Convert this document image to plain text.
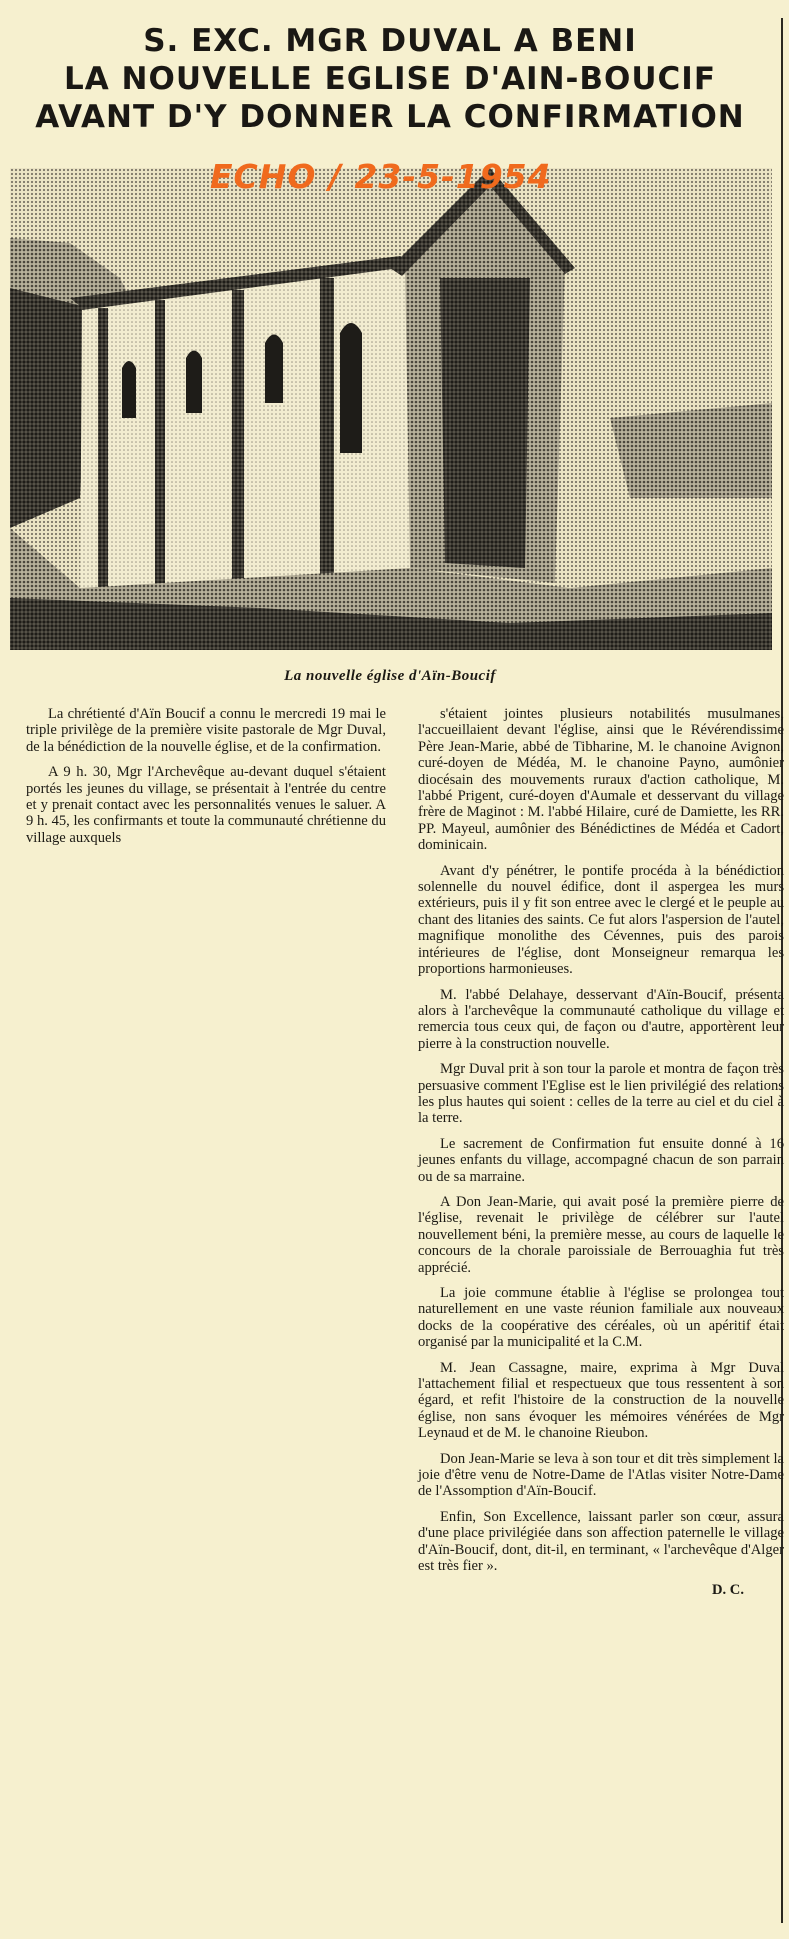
S. EXC. MGR DUVAL A BENI
LA NOUVELLE EGLISE D'AIN-BOUCIF
AVANT D'Y DONNER LA CONFIRMATION
ECHO / 23-5-1954
La nouvelle église d'Aïn-Boucif

La chrétienté d'Aïn Boucif a connu le mercredi 19 mai le triple privilège de la première visite pastorale de Mgr Duval, de la bénédiction de la nouvelle église, et de la confirmation.

A 9 h. 30, Mgr l'Archevêque au-devant duquel s'étaient portés les jeunes du village, se présentait à l'entrée du centre et y prenait contact avec les personnalités venues le saluer. A 9 h. 45, les confirmants et toute la communauté chrétienne du village auxquels

s'étaient jointes plusieurs notabilités musulmanes, l'accueillaient devant l'église, ainsi que le Révérendissime Père Jean-Marie, abbé de Tibharine, M. le chanoine Avignon, curé-doyen de Médéa, M. le chanoine Payno, aumônier diocésain des mouvements ruraux d'action catholique, M. l'abbé Prigent, curé-doyen d'Aumale et desservant du village frère de Maginot : M. l'abbé Hilaire, curé de Damiette, les RR. PP. Mayeul, aumônier des Bénédictines de Médéa et Cadort, dominicain.

Avant d'y pénétrer, le pontife procéda à la bénédiction solennelle du nouvel édifice, dont il aspergea les murs extérieurs, puis il y fit son entree avec le clergé et le peuple au chant des litanies des saints. Ce fut alors l'aspersion de l'autel, magnifique monolithe des Cévennes, puis des parois intérieures de l'église, dont Monseigneur remarqua les proportions harmonieuses.

M. l'abbé Delahaye, desservant d'Aïn-Boucif, présenta alors à l'archevêque la communauté catholique du village et remercia tous ceux qui, de façon ou d'autre, apportèrent leur pierre à la construction nouvelle.

Mgr Duval prit à son tour la parole et montra de façon très persuasive comment l'Eglise est le lien privilégié des relations les plus hautes qui soient : celles de la terre au ciel et du ciel à la terre.

Le sacrement de Confirmation fut ensuite donné à 16 jeunes enfants du village, accompagné chacun de son parrain ou de sa marraine.

A Don Jean-Marie, qui avait posé la première pierre de l'église, revenait le privilège de célébrer sur l'autel nouvellement béni, la première messe, au cours de laquelle le concours de la chorale paroissiale de Berrouaghia fut très apprécié.

La joie commune établie à l'église se prolongea tout naturellement en une vaste réunion familiale aux nouveaux docks de la coopérative des céréales, où un apéritif était organisé par la municipalité et la C.M.

M. Jean Cassagne, maire, exprima à Mgr Duval l'attachement filial et respectueux que tous ressentent à son égard, et refit l'histoire de la construction de la nouvelle église, non sans évoquer les mémoires vénérées de Mgr Leynaud et de M. le chanoine Rieubon.

Don Jean-Marie se leva à son tour et dit très simplement la joie d'être venu de Notre-Dame de l'Atlas visiter Notre-Dame de l'Assomption d'Aïn-Boucif.

Enfin, Son Excellence, laissant parler son cœur, assura d'une place privilégiée dans son affection paternelle le village d'Aïn-Boucif, dont, dit-il, en terminant, « l'archevêque d'Alger est très fier ».

D. C.
